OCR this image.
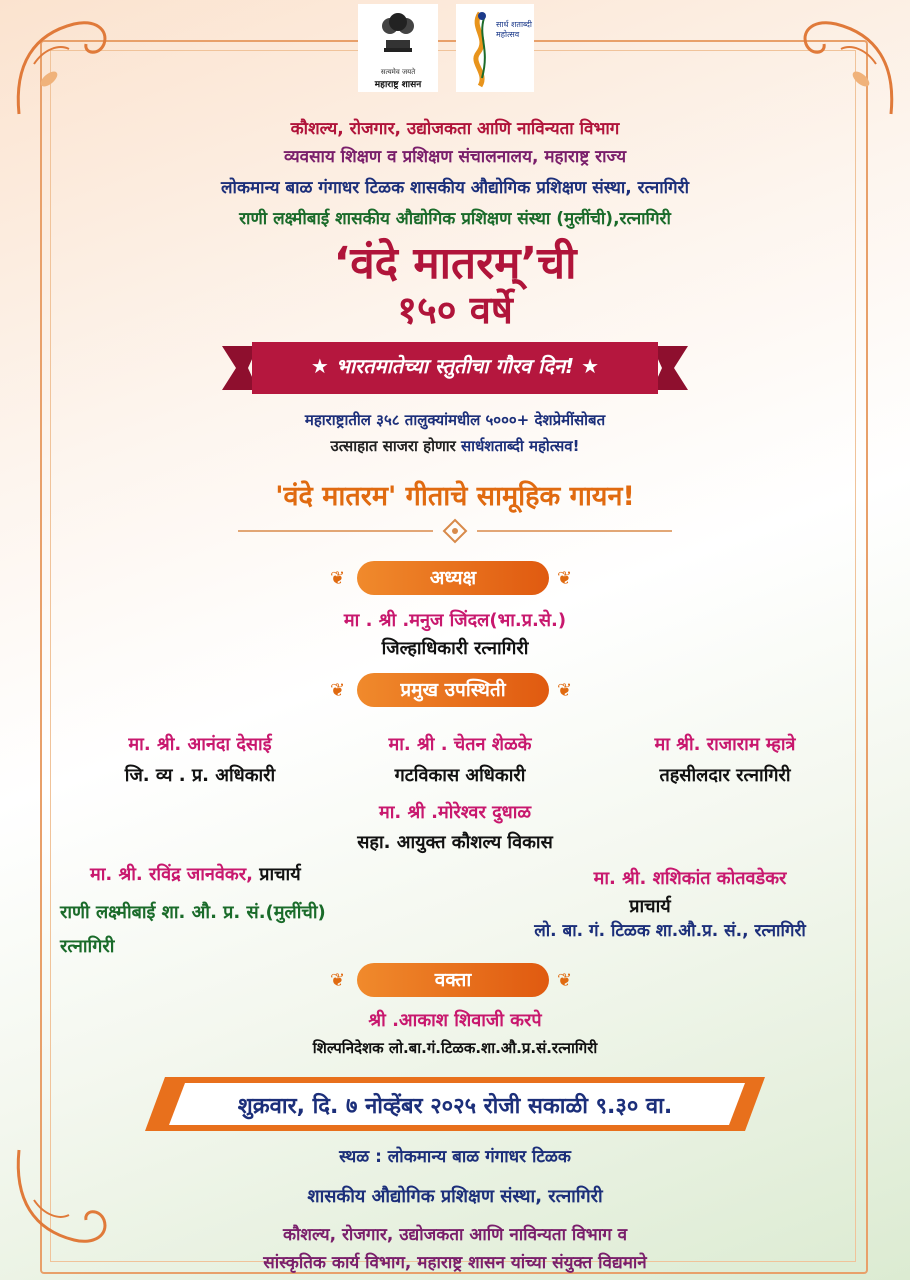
सत्यमेव जयते
महाराष्ट्र शासन
सार्ध शताब्दी महोत्सव
कौशल्य, रोजगार, उद्योजकता आणि नाविन्यता विभाग
व्यवसाय शिक्षण व प्रशिक्षण संचालनालय, महाराष्ट्र राज्य
लोकमान्य बाळ गंगाधर टिळक शासकीय औद्योगिक प्रशिक्षण संस्था, रत्नागिरी
राणी लक्ष्मीबाई शासकीय औद्योगिक प्रशिक्षण संस्था (मुलींची),रत्नागिरी
‘वंदे मातरम्’ची
१५० वर्षे
★ भारतमातेच्या स्तुतीचा गौरव दिन! ★
महाराष्ट्रातील ३५८ तालुक्यांमधील ५०००+ देशप्रेमींसोबत
उत्साहात साजरा होणार सार्धशताब्दी महोत्सव!
'वंदे मातरम' गीताचे सामूहिक गायन!
❦	अध्यक्ष	❦
मा . श्री .मनुज जिंदल(भा.प्र.से.)
जिल्हाधिकारी रत्नागिरी
❦	प्रमुख उपस्थिती	❦
मा. श्री. आनंदा देसाई
जि. व्य . प्र. अधिकारी
मा. श्री . चेतन शेळके
गटविकास अधिकारी
मा श्री. राजाराम म्हात्रे
तहसीलदार रत्नागिरी
मा. श्री .मोरेश्वर दुधाळ
सहा. आयुक्त कौशल्य विकास
मा. श्री. रविंद्र जानवेकर, प्राचार्य
राणी लक्ष्मीबाई शा. औ. प्र. सं.(मुलींची)
रत्नागिरी
मा. श्री. शशिकांत कोतवडेकर
प्राचार्य
लो. बा. गं. टिळक शा.औ.प्र. सं., रत्नागिरी
❦	वक्ता	❦
श्री .आकाश शिवाजी करपे
शिल्पनिदेशक लो.बा.गं.टिळक.शा.औ.प्र.सं.रत्नागिरी
शुक्रवार, दि. ७ नोव्हेंबर २०२५ रोजी सकाळी ९.३० वा.
स्थळ : लोकमान्य बाळ गंगाधर टिळक
शासकीय औद्योगिक प्रशिक्षण संस्था, रत्नागिरी
कौशल्य, रोजगार, उद्योजकता आणि नाविन्यता विभाग व
सांस्कृतिक कार्य विभाग, महाराष्ट्र शासन यांच्या संयुक्त विद्यमाने
